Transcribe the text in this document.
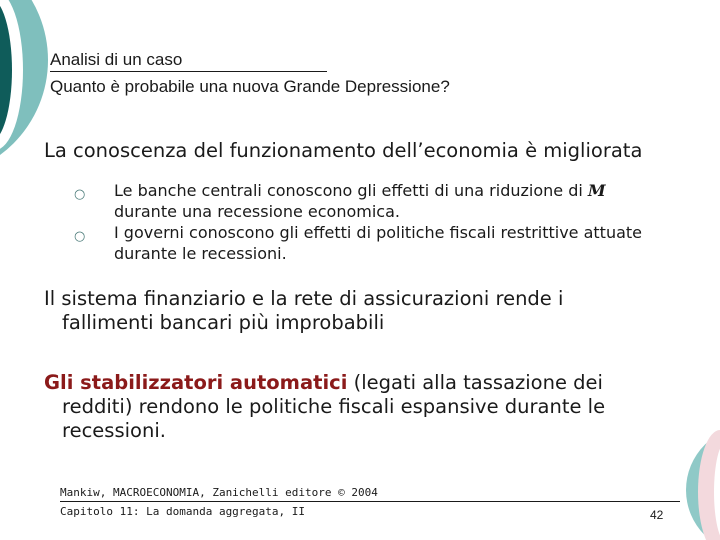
Analisi di un caso
Quanto è probabile una nuova Grande Depressione?
La conoscenza del funzionamento dell’economia è migliorata
○ Le banche centrali conoscono gli effetti di una riduzione di M
durante una recessione economica.
○ I governi conoscono gli effetti di politiche fiscali restrittive attuate
durante le recessioni.
Il sistema finanziario e la rete di assicurazioni rende i
fallimenti bancari più improbabili
Gli stabilizzatori automatici (legati alla tassazione dei
redditi) rendono le politiche fiscali espansive durante le
recessioni.
Mankiw, MACROECONOMIA, Zanichelli editore © 2004
Capitolo 11: La domanda aggregata, II	42
